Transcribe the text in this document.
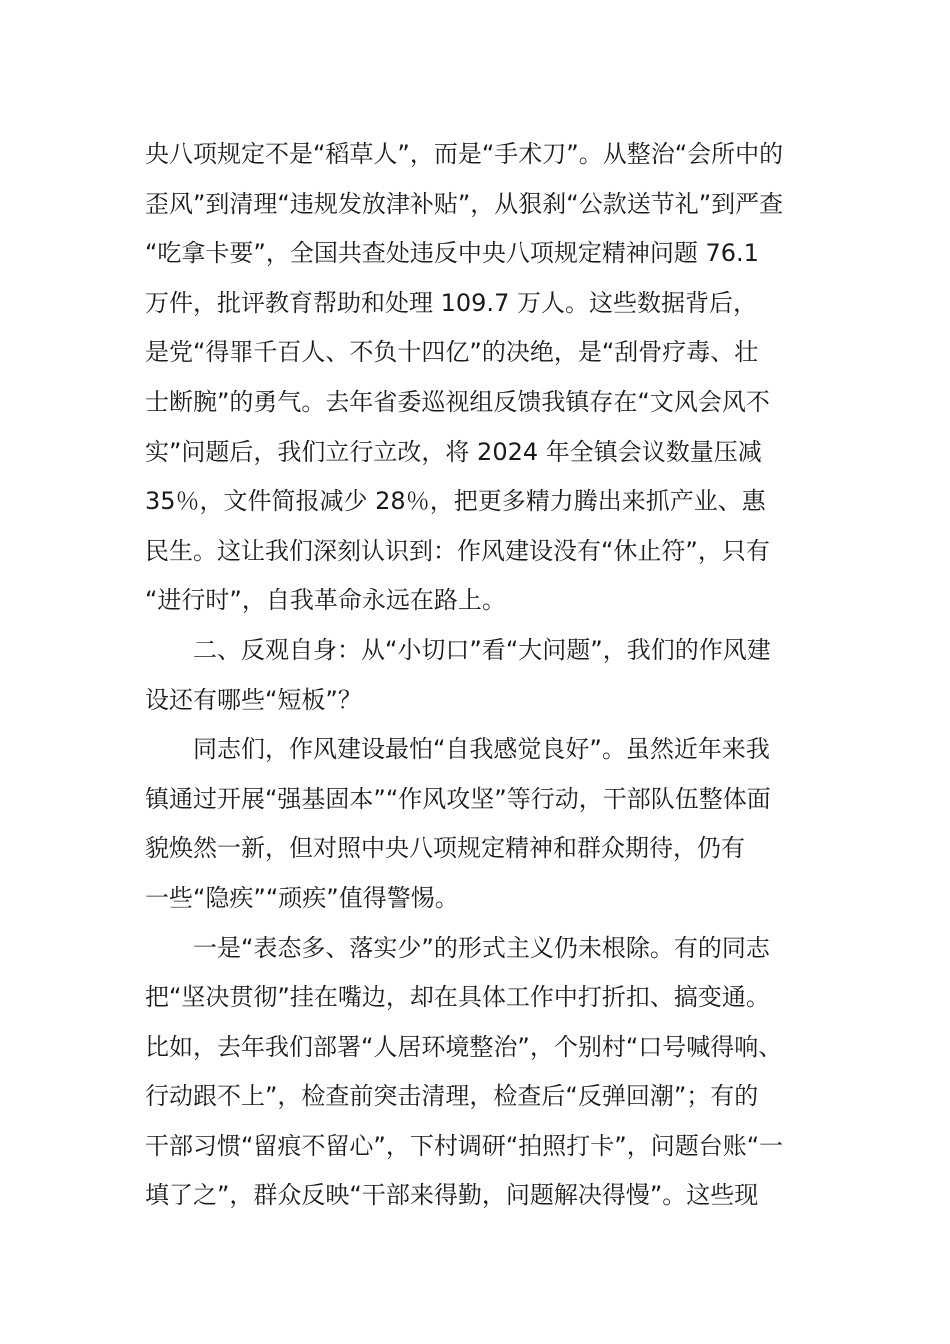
央八项规定不是“稻草人”，而是“手术刀”。从整治“会所中的
歪风”到清理“违规发放津补贴”，从狠刹“公款送节礼”到严查
“吃拿卡要”，全国共查处违反中央八项规定精神问题 76.1
万件，批评教育帮助和处理 109.7 万人。这些数据背后，
是党“得罪千百人、不负十四亿”的决绝，是“刮骨疗毒、壮
士断腕”的勇气。去年省委巡视组反馈我镇存在“文风会风不
实”问题后，我们立行立改，将 2024 年全镇会议数量压减
35％，文件简报减少 28％，把更多精力腾出来抓产业、惠
民生。这让我们深刻认识到：作风建设没有“休止符”，只有
“进行时”，自我革命永远在路上。
二、反观自身：从“小切口”看“大问题”，我们的作风建
设还有哪些“短板”？
同志们，作风建设最怕“自我感觉良好”。虽然近年来我
镇通过开展“强基固本”“作风攻坚”等行动，干部队伍整体面
貌焕然一新，但对照中央八项规定精神和群众期待，仍有
一些“隐疾”“顽疾”值得警惕。
一是“表态多、落实少”的形式主义仍未根除。有的同志
把“坚决贯彻”挂在嘴边，却在具体工作中打折扣、搞变通。
比如，去年我们部署“人居环境整治”，个别村“口号喊得响、
行动跟不上”，检查前突击清理，检查后“反弹回潮”；有的
干部习惯“留痕不留心”，下村调研“拍照打卡”，问题台账“一
填了之”，群众反映“干部来得勤，问题解决得慢”。这些现
